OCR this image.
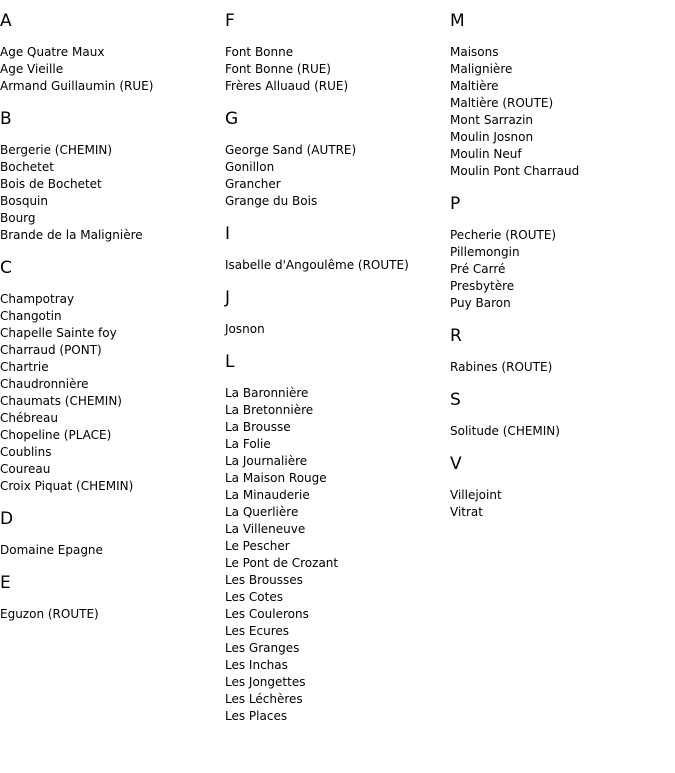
A
Age Quatre Maux
Age Vieille
Armand Guillaumin (RUE)
B
Bergerie (CHEMIN)
Bochetet
Bois de Bochetet
Bosquin
Bourg
Brande de la Malignière
C
Champotray
Changotin
Chapelle Sainte foy
Charraud (PONT)
Chartrie
Chaudronnière
Chaumats (CHEMIN)
Chébreau
Chopeline (PLACE)
Coublins
Coureau
Croix Piquat (CHEMIN)
D
Domaine Epagne
E
Eguzon (ROUTE)
F
Font Bonne
Font Bonne (RUE)
Frères Alluaud (RUE)
G
George Sand (AUTRE)
Gonillon
Grancher
Grange du Bois
I
Isabelle d'Angoulême (ROUTE)
J
Josnon
L
La Baronnière
La Bretonnière
La Brousse
La Folie
La Journalière
La Maison Rouge
La Minauderie
La Querlière
La Villeneuve
Le Pescher
Le Pont de Crozant
Les Brousses
Les Cotes
Les Coulerons
Les Ecures
Les Granges
Les Inchas
Les Jongettes
Les Léchères
Les Places
M
Maisons
Malignière
Maltière
Maltière (ROUTE)
Mont Sarrazin
Moulin Josnon
Moulin Neuf
Moulin Pont Charraud
P
Pecherie (ROUTE)
Pillemongin
Pré Carré
Presbytère
Puy Baron
R
Rabines (ROUTE)
S
Solitude (CHEMIN)
V
Villejoint
Vitrat
